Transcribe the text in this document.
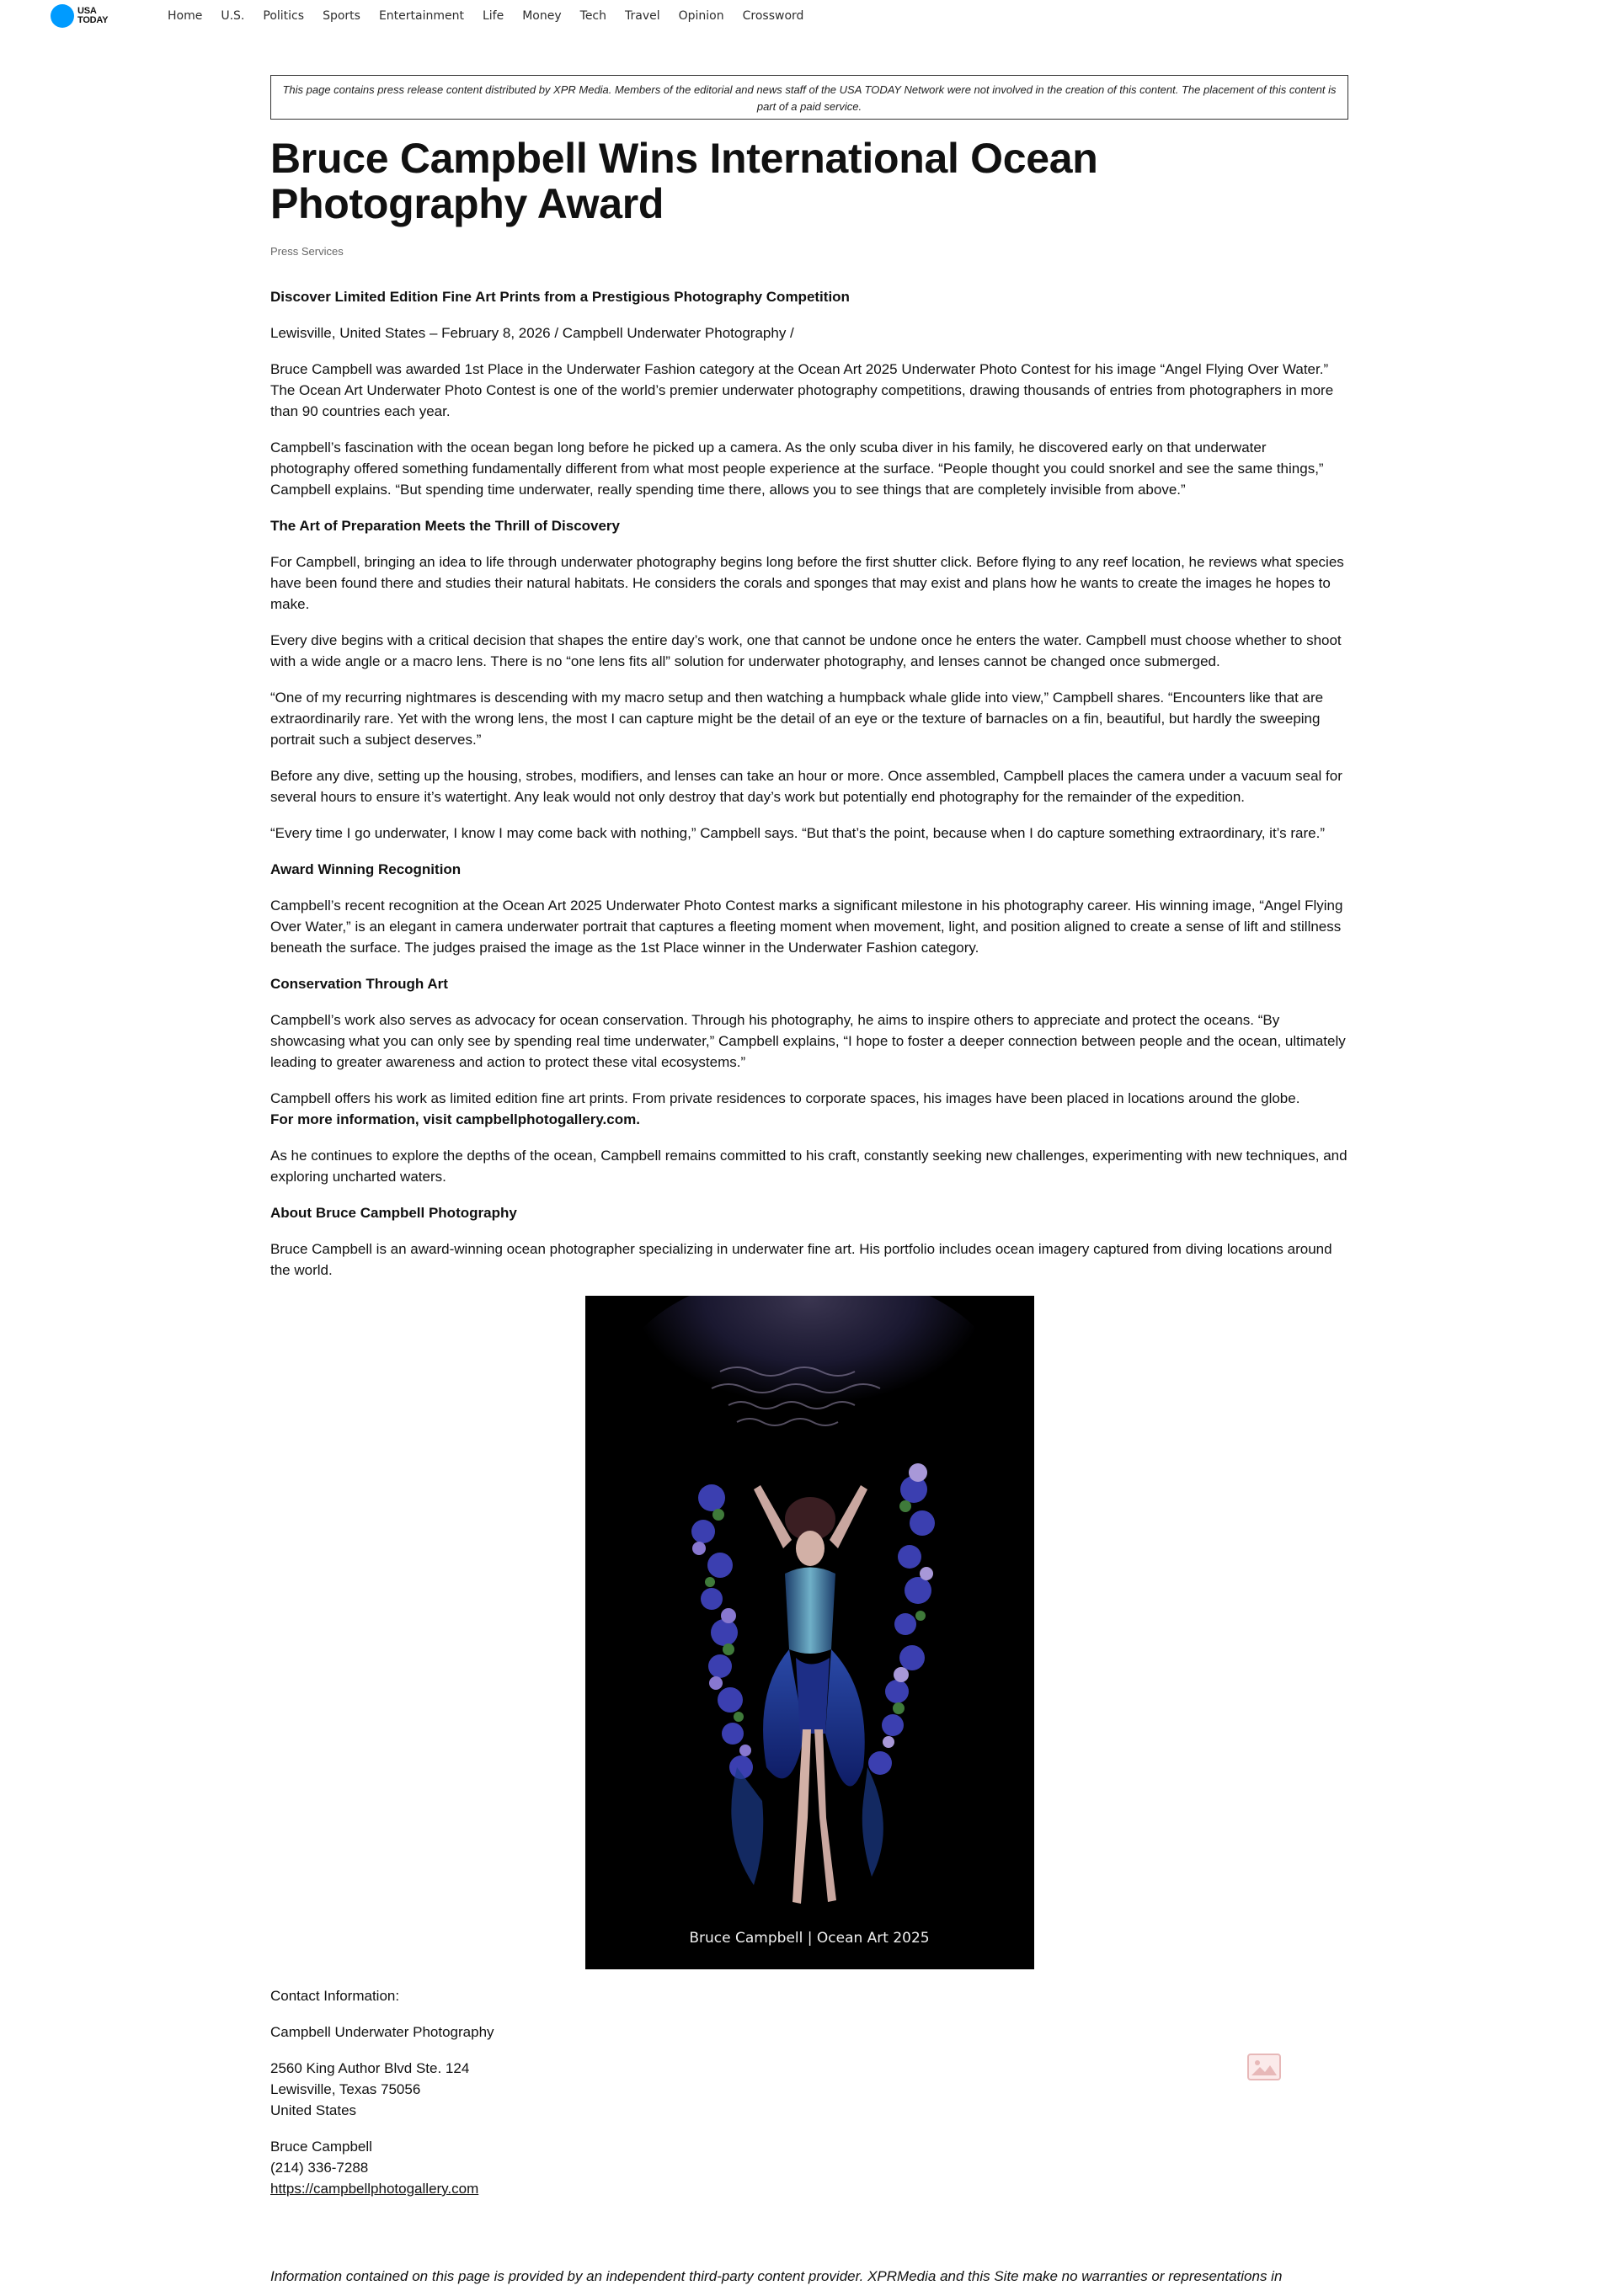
USA
TODAY	Home U.S. Politics Sports Entertainment Life Money Tech Travel Opinion Crossword
This page contains press release content distributed by XPR Media. Members of the editorial and news staff of the USA TODAY Network were not involved in the creation of this content. The placement of this content is part of a paid service.
Bruce Campbell Wins International Ocean Photography Award
Press Services

Discover Limited Edition Fine Art Prints from a Prestigious Photography Competition

Lewisville, United States – February 8, 2026 / Campbell Underwater Photography /

Bruce Campbell was awarded 1st Place in the Underwater Fashion category at the Ocean Art 2025 Underwater Photo Contest for his image “Angel Flying Over Water.” The Ocean Art Underwater Photo Contest is one of the world’s premier underwater photography competitions, drawing thousands of entries from photographers in more than 90 countries each year.

Campbell’s fascination with the ocean began long before he picked up a camera. As the only scuba diver in his family, he discovered early on that underwater photography offered something fundamentally different from what most people experience at the surface. “People thought you could snorkel and see the same things,” Campbell explains. “But spending time underwater, really spending time there, allows you to see things that are completely invisible from above.”

The Art of Preparation Meets the Thrill of Discovery

For Campbell, bringing an idea to life through underwater photography begins long before the first shutter click. Before flying to any reef location, he reviews what species have been found there and studies their natural habitats. He considers the corals and sponges that may exist and plans how he wants to create the images he hopes to make.

Every dive begins with a critical decision that shapes the entire day’s work, one that cannot be undone once he enters the water. Campbell must choose whether to shoot with a wide angle or a macro lens. There is no “one lens fits all” solution for underwater photography, and lenses cannot be changed once submerged.

“One of my recurring nightmares is descending with my macro setup and then watching a humpback whale glide into view,” Campbell shares. “Encounters like that are extraordinarily rare. Yet with the wrong lens, the most I can capture might be the detail of an eye or the texture of barnacles on a fin, beautiful, but hardly the sweeping portrait such a subject deserves.”

Before any dive, setting up the housing, strobes, modifiers, and lenses can take an hour or more. Once assembled, Campbell places the camera under a vacuum seal for several hours to ensure it’s watertight. Any leak would not only destroy that day’s work but potentially end photography for the remainder of the expedition.

“Every time I go underwater, I know I may come back with nothing,” Campbell says. “But that’s the point, because when I do capture something extraordinary, it’s rare.”

Award Winning Recognition

Campbell’s recent recognition at the Ocean Art 2025 Underwater Photo Contest marks a significant milestone in his photography career. His winning image, “Angel Flying Over Water,” is an elegant in camera underwater portrait that captures a fleeting moment when movement, light, and position aligned to create a sense of lift and stillness beneath the surface. The judges praised the image as the 1st Place winner in the Underwater Fashion category.

Conservation Through Art

Campbell’s work also serves as advocacy for ocean conservation. Through his photography, he aims to inspire others to appreciate and protect the oceans. “By showcasing what you can only see by spending real time underwater,” Campbell explains, “I hope to foster a deeper connection between people and the ocean, ultimately leading to greater awareness and action to protect these vital ecosystems.”

Campbell offers his work as limited edition fine art prints. From private residences to corporate spaces, his images have been placed in locations around the globe.
For more information, visit campbellphotogallery.com.

As he continues to explore the depths of the ocean, Campbell remains committed to his craft, constantly seeking new challenges, experimenting with new techniques, and exploring uncharted waters.

About Bruce Campbell Photography

Bruce Campbell is an award-winning ocean photographer specializing in underwater fine art. His portfolio includes ocean imagery captured from diving locations around the world.

Bruce Campbell | Ocean Art 2025

Contact Information:

Campbell Underwater Photography

2560 King Author Blvd Ste. 124
Lewisville, Texas 75056
United States

Bruce Campbell
(214) 336-7288
https://campbellphotogallery.com

Information contained on this page is provided by an independent third-party content provider. XPRMedia and this Site make no warranties or representations in
